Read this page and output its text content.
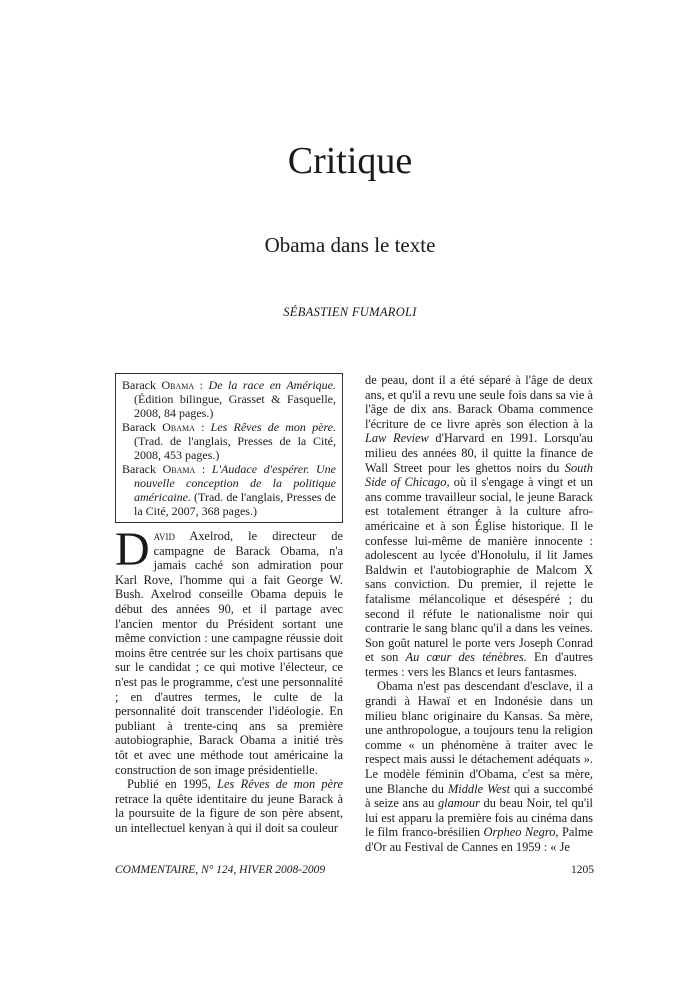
Critique
Obama dans le texte
SÉBASTIEN FUMAROLI

Barack Obama : De la race en Amérique. (Édition bilingue, Grasset & Fasquelle, 2008, 84 pages.)

Barack Obama : Les Rêves de mon père. (Trad. de l'anglais, Presses de la Cité, 2008, 453 pages.)

Barack Obama : L'Audace d'espérer. Une nouvelle conception de la politique américaine. (Trad. de l'anglais, Presses de la Cité, 2007, 368 pages.)

David Axelrod, le directeur de campagne de Barack Obama, n'a jamais caché son admiration pour Karl Rove, l'homme qui a fait George W. Bush. Axelrod conseille Obama depuis le début des années 90, et il partage avec l'ancien mentor du Président sortant une même conviction : une campagne réussie doit moins être centrée sur les choix partisans que sur le candidat ; ce qui motive l'électeur, ce n'est pas le programme, c'est une personnalité ; en d'autres termes, le culte de la personnalité doit transcender l'idéologie. En publiant à trente-cinq ans sa première autobiographie, Barack Obama a initié très tôt et avec une méthode tout américaine la construction de son image présidentielle.

Publié en 1995, Les Rêves de mon père retrace la quête identitaire du jeune Barack à la poursuite de la figure de son père absent, un intellectuel kenyan à qui il doit sa couleur

de peau, dont il a été séparé à l'âge de deux ans, et qu'il a revu une seule fois dans sa vie à l'âge de dix ans. Barack Obama commence l'écriture de ce livre après son élection à la Law Review d'Harvard en 1991. Lorsqu'au milieu des années 80, il quitte la finance de Wall Street pour les ghettos noirs du South Side of Chicago, où il s'engage à vingt et un ans comme travailleur social, le jeune Barack est totalement étranger à la culture afro-américaine et à son Église historique. Il le confesse lui-même de manière innocente : adolescent au lycée d'Honolulu, il lit James Baldwin et l'autobiographie de Malcom X sans conviction. Du premier, il rejette le fatalisme mélancolique et désespéré ; du second il réfute le nationalisme noir qui contrarie le sang blanc qu'il a dans les veines. Son goût naturel le porte vers Joseph Conrad et son Au cœur des ténèbres. En d'autres termes : vers les Blancs et leurs fantasmes.

Obama n'est pas descendant d'esclave, il a grandi à Hawaï et en Indonésie dans un milieu blanc originaire du Kansas. Sa mère, une anthropologue, a toujours tenu la religion comme « un phénomène à traiter avec le respect mais aussi le détachement adéquats ». Le modèle féminin d'Obama, c'est sa mère, une Blanche du Middle West qui a succombé à seize ans au glamour du beau Noir, tel qu'il lui est apparu la première fois au cinéma dans le film franco-brésilien Orpheo Negro, Palme d'Or au Festival de Cannes en 1959 : « Je

COMMENTAIRE, N° 124, HIVER 2008-2009	1205
